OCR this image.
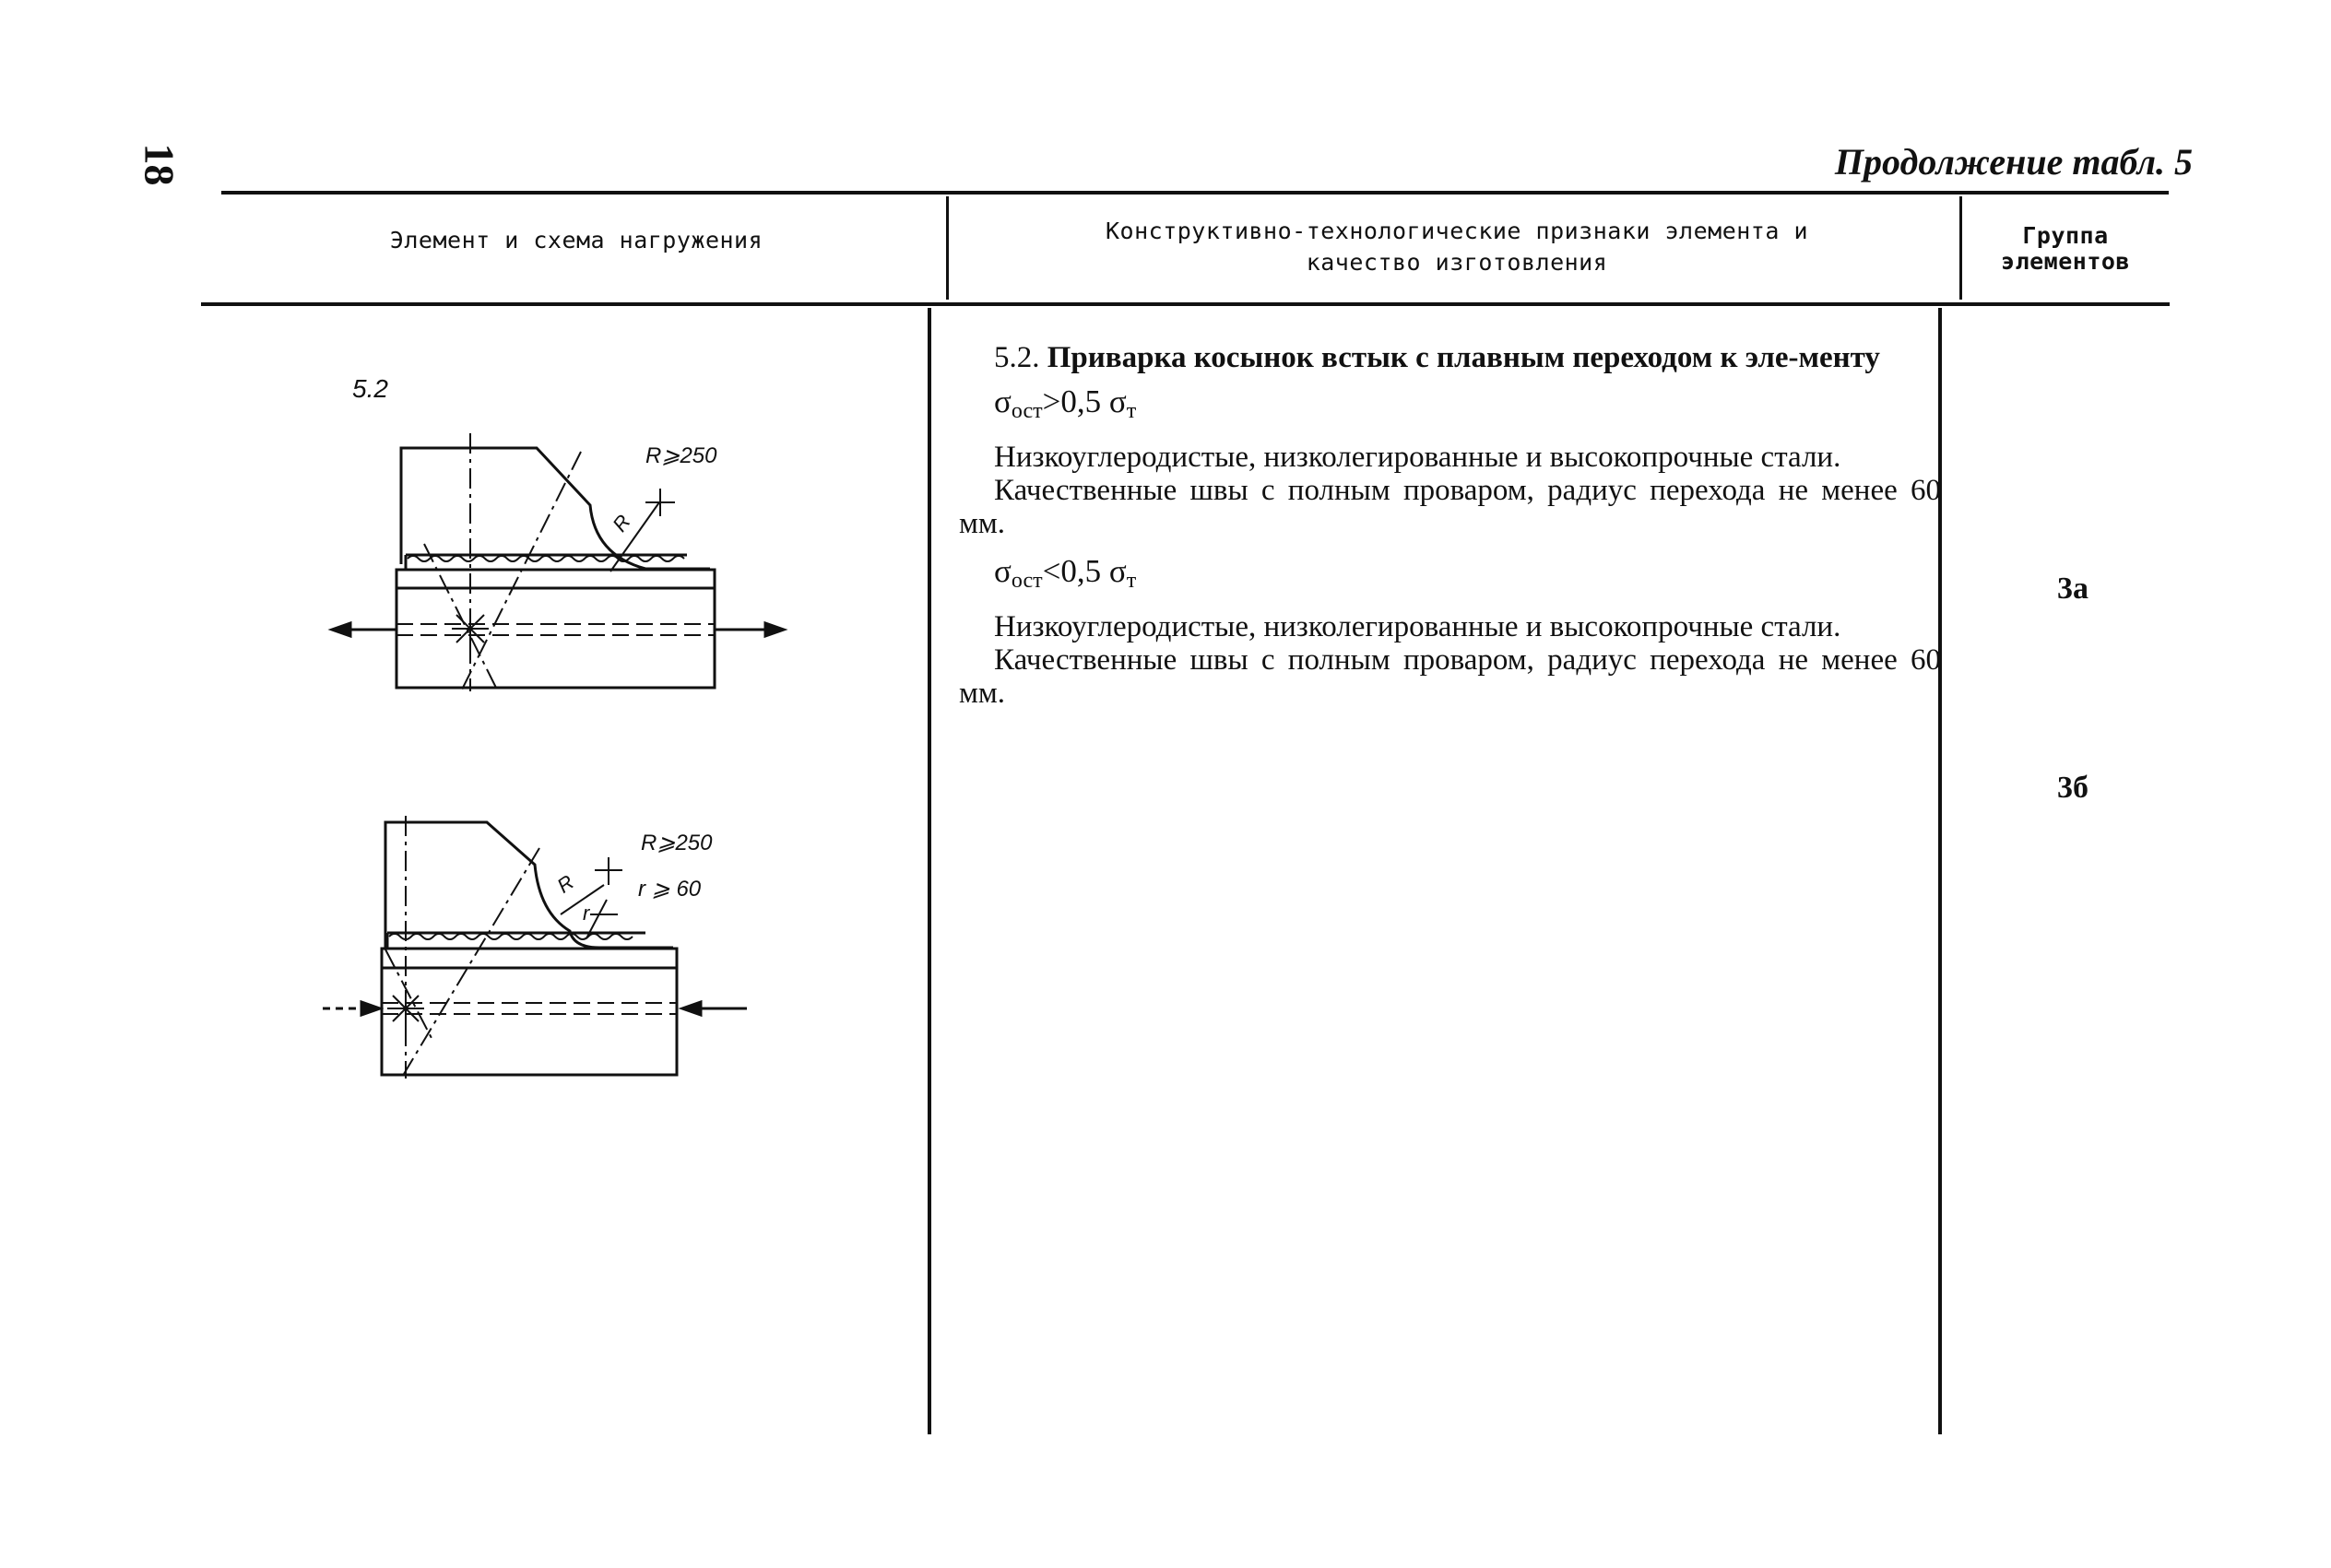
18	Продолжение табл. 5
Элемент и схема нагружения	Конструктивно-технологические признаки элемента и
качество изготовления
Группа
элементов
5.2
R⩾250
R
R⩾250
r ⩾ 60
R
r

5.2. Приварка косынок встык с плавным переходом к эле-менту

$\sigma_{ост}>0,5$ $\sigma_т$

Низкоуглеродистые, низколегированные и высокопрочные стали.

Качественные швы с полным проваром, радиус перехода не менее 60 мм.

$\sigma_{ост}<0,5$ $\sigma_т$

Низкоуглеродистые, низколегированные и высокопрочные стали.

Качественные швы с полным проваром, радиус перехода не менее 60 мм.

3а
3б
